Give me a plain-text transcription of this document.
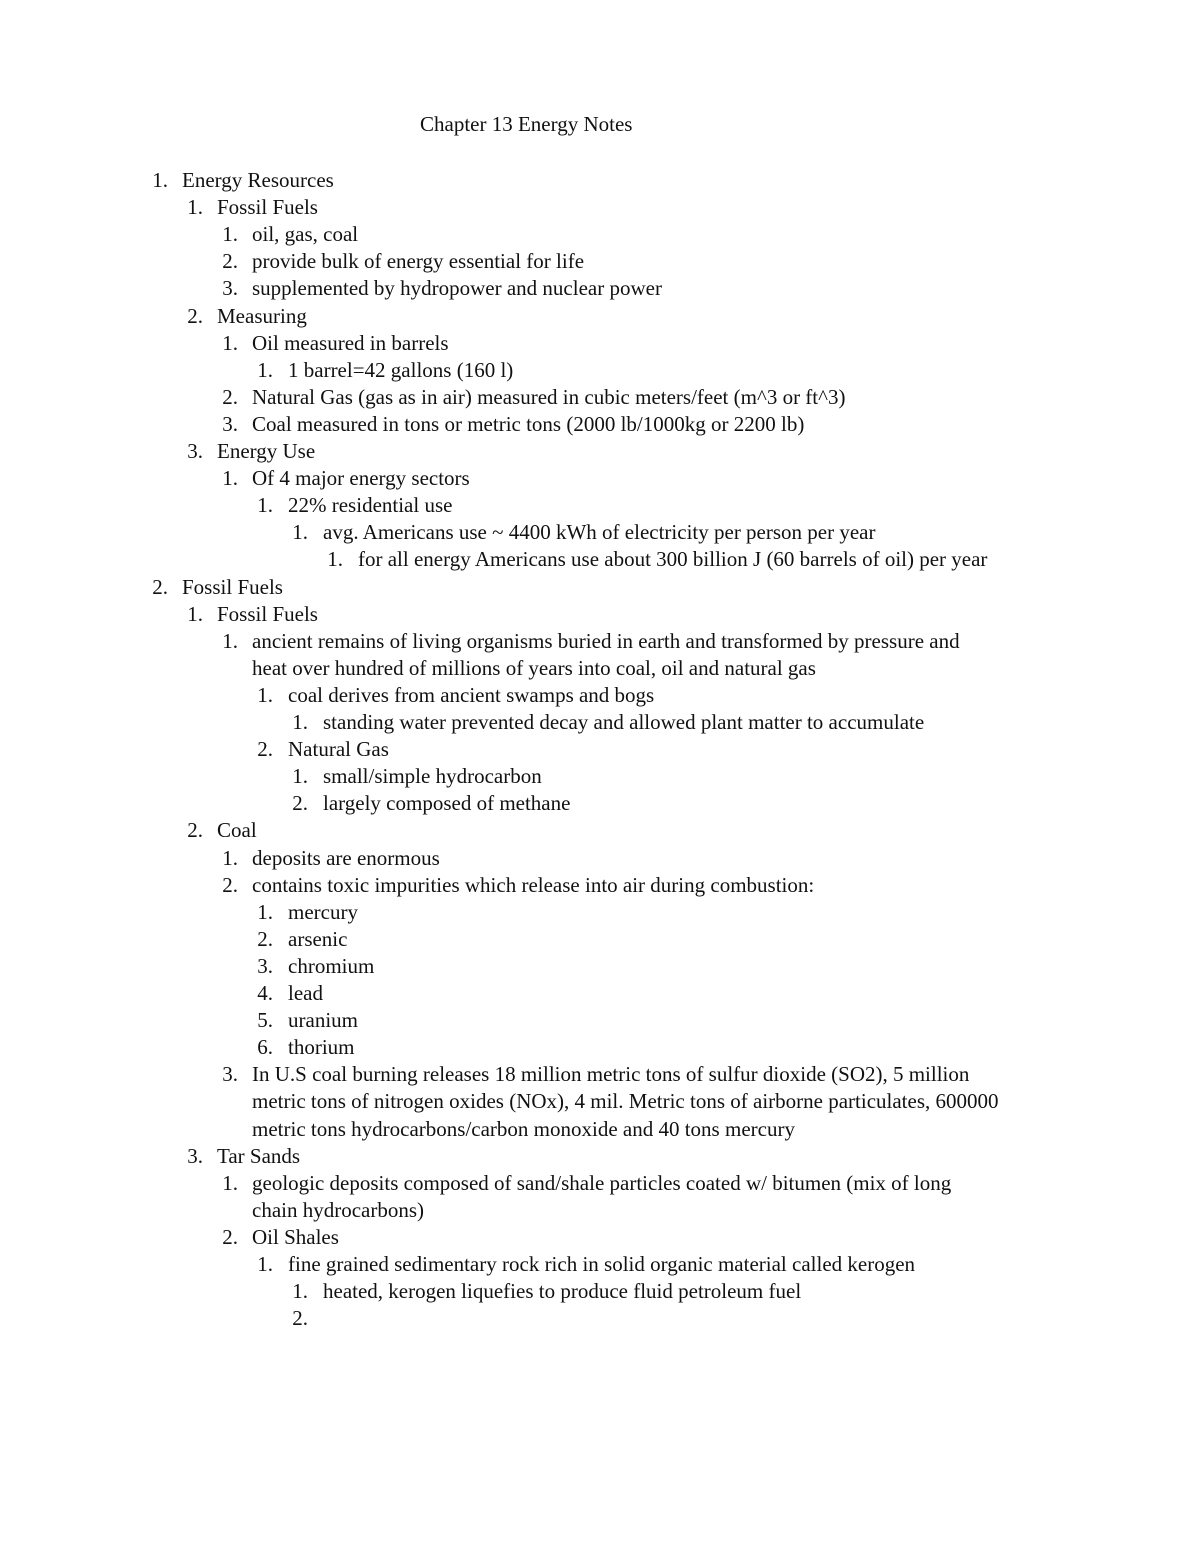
Chapter 13 Energy Notes
1. Energy Resources
1. Fossil Fuels
1. oil, gas, coal
2. provide bulk of energy essential for life
3. supplemented by hydropower and nuclear power
2. Measuring
1. Oil measured in barrels
1. 1 barrel=42 gallons (160 l)
2. Natural Gas (gas as in air) measured in cubic meters/feet (m^3 or ft^3)
3. Coal measured in tons or metric tons (2000 lb/1000kg or 2200 lb)
3. Energy Use
1. Of 4 major energy sectors
1. 22% residential use
1. avg. Americans use ~ 4400 kWh of electricity per person per year
1. for all energy Americans use about 300 billion J (60 barrels of oil) per year
2. Fossil Fuels
1. Fossil Fuels
1. ancient remains of living organisms buried in earth and transformed by pressure and
heat over hundred of millions of years into coal, oil and natural gas
1. coal derives from ancient swamps and bogs
1. standing water prevented decay and allowed plant matter to accumulate
2. Natural Gas
1. small/simple hydrocarbon
2. largely composed of methane
2. Coal
1. deposits are enormous
2. contains toxic impurities which release into air during combustion:
1. mercury
2. arsenic
3. chromium
4. lead
5. uranium
6. thorium
3. In U.S coal burning releases 18 million metric tons of sulfur dioxide (SO2), 5 million
metric tons of nitrogen oxides (NOx), 4 mil. Metric tons of airborne particulates, 600000
metric tons hydrocarbons/carbon monoxide and 40 tons mercury
3. Tar Sands
1. geologic deposits composed of sand/shale particles coated w/ bitumen (mix of long
chain hydrocarbons)
2. Oil Shales
1. fine grained sedimentary rock rich in solid organic material called kerogen
1. heated, kerogen liquefies to produce fluid petroleum fuel
2.
